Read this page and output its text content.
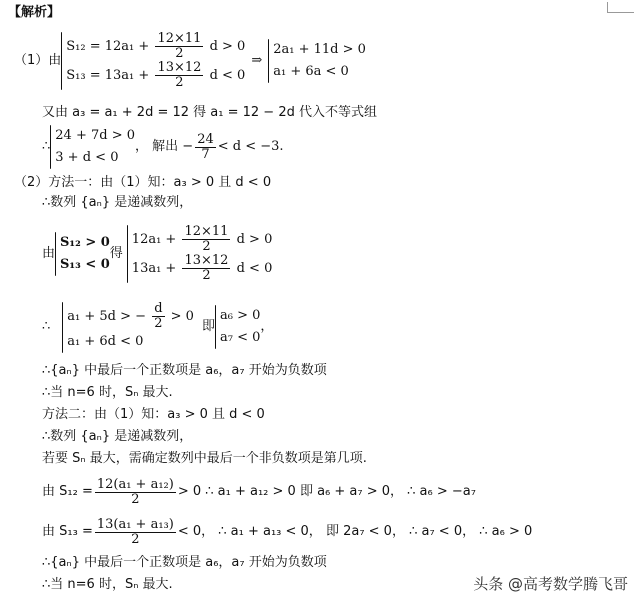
【解析】
（1）由
$S_{12} = 12a_1 + \frac{12\times 11}{2}$ d > 0
$S_{13} = 13a_1 + \frac{13\times 12}{2}$ d < 0
⇒
2a₁ + 11d > 0
a₁ + 6a < 0
又由 a₃ = a₁ + 2d = 12 得 a₁ = 12 − 2d 代入不等式组
∴
24 + 7d > 0
3 + d < 0
， 解出 − $\frac{24}{7} < d < -3$.
（2）方法一：由（1）知：a₃ > 0 且 d < 0
∴数列 {aₙ} 是递减数列，
由
S₁₂ > 0
S₁₃ < 0
得
$12a_1 + \frac{12\times 11}{2}$ d > 0
$13a_1 + \frac{13\times 12}{2}$ d < 0
∴
a₁ + 5d > − $\frac{d}{2} > 0$
a₁ + 6d < 0
即
a₆ > 0
a₇ < 0
，
∴{aₙ} 中最后一个正数项是 a₆，a₇ 开始为负数项
∴当 n=6 时，Sₙ 最大.
方法二：由（1）知：a₃ > 0 且 d < 0
∴数列 {aₙ} 是递减数列，
若要 Sₙ 最大，需确定数列中最后一个非负数项是第几项.
由 $S_{12} = \frac{\text{12(a₁ + a₁₂)}}{2} > 0$ ∴ a₁ + a₁₂ > 0 即 a₆ + a₇ > 0， ∴ a₆ > −a₇
由 $S_{13} = \frac{\text{13(a₁ + a₁₃)}}{2} < 0$， ∴ a₁ + a₁₃ < 0， 即 2a₇ < 0， ∴ a₇ < 0， ∴ a₆ > 0
∴{aₙ} 中最后一个正数项是 a₆，a₇ 开始为负数项
∴当 n=6 时，Sₙ 最大.	头条 @高考数学腾飞哥
